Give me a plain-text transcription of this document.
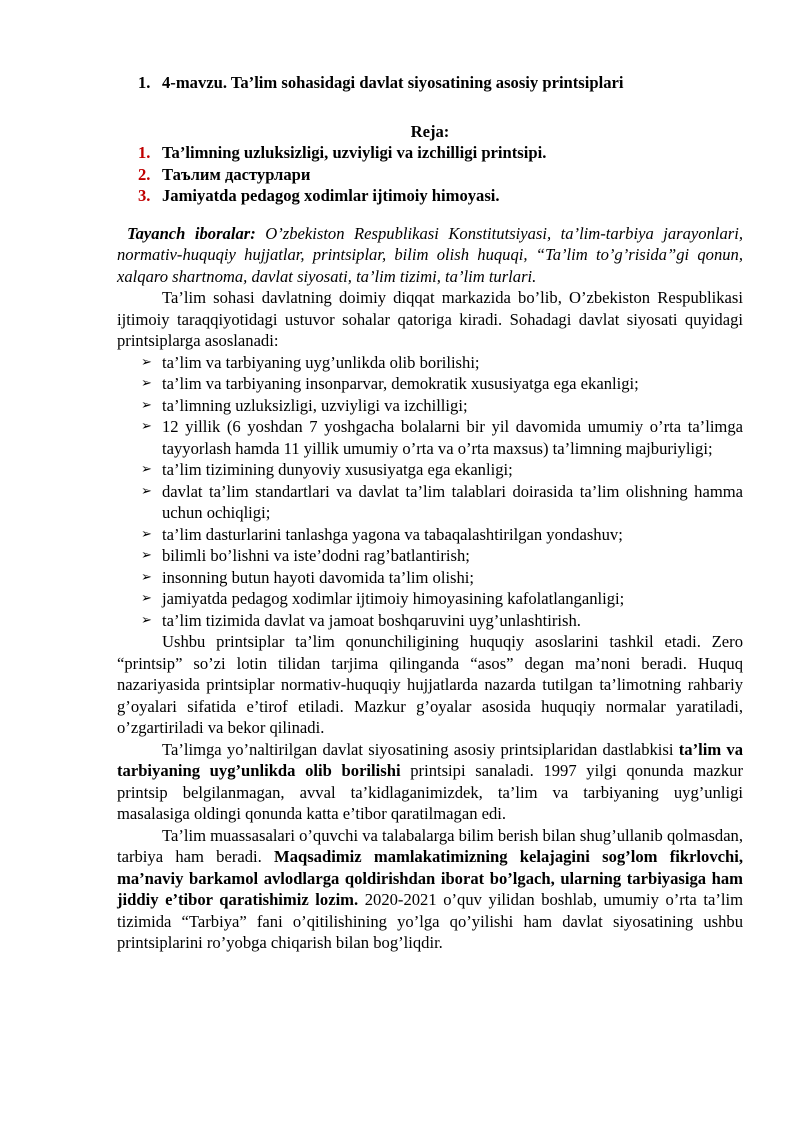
1. 4-mavzu. Ta’lim sohasidagi davlat siyosatining asosiy printsiplari
Reja:
1. Ta’limning uzluksizligi, uzviyligi va izchilligi printsipi.
2. Таълим дастурлари
3. Jamiyatda pedagog xodimlar ijtimoiy himoyasi.
Tayanch iboralar: O’zbekiston Respublikasi Konstitutsiyasi, ta’lim-tarbiya jarayonlari, normativ-huquqiy hujjatlar, printsiplar, bilim olish huquqi, “Ta’lim to’g’risida”gi qonun, xalqaro shartnoma, davlat siyosati, ta’lim tizimi, ta’lim turlari.
Ta’lim sohasi davlatning doimiy diqqat markazida bo’lib, O’zbekiston Respublikasi ijtimoiy taraqqiyotidagi ustuvor sohalar qatoriga kiradi. Sohadagi davlat siyosati quyidagi printsiplarga asoslanadi:
➢ ta’lim va tarbiyaning uyg’unlikda olib borilishi;
➢ ta’lim va tarbiyaning insonparvar, demokratik xususiyatga ega ekanligi;
➢ ta’limning uzluksizligi, uzviyligi va izchilligi;
➢ 12 yillik (6 yoshdan 7 yoshgacha bolalarni bir yil davomida umumiy o’rta ta’limga tayyorlash hamda 11 yillik umumiy o’rta va o’rta maxsus) ta’limning majburiyligi;
➢ ta’lim tizimining dunyoviy xususiyatga ega ekanligi;
➢ davlat ta’lim standartlari va davlat ta’lim talablari doirasida ta’lim olishning hamma uchun ochiqligi;
➢ ta’lim dasturlarini tanlashga yagona va tabaqalashtirilgan yondashuv;
➢ bilimli bo’lishni va iste’dodni rag’batlantirish;
➢ insonning butun hayoti davomida ta’lim olishi;
➢ jamiyatda pedagog xodimlar ijtimoiy himoyasining kafolatlanganligi;
➢ ta’lim tizimida davlat va jamoat boshqaruvini uyg’unlashtirish.
Ushbu printsiplar ta’lim qonunchiligining huquqiy asoslarini tashkil etadi. Zero “printsip” so’zi lotin tilidan tarjima qilinganda “asos” degan ma’noni beradi. Huquq nazariyasida printsiplar normativ-huquqiy hujjatlarda nazarda tutilgan ta’limotning rahbariy g’oyalari sifatida e’tirof etiladi. Mazkur g’oyalar asosida huquqiy normalar yaratiladi, o’zgartiriladi va bekor qilinadi.
Ta’limga yo’naltirilgan davlat siyosatining asosiy printsiplaridan dastlabkisi ta’lim va tarbiyaning uyg’unlikda olib borilishi printsipi sanaladi. 1997 yilgi qonunda mazkur printsip belgilanmagan, avval ta’kidlaganimizdek, ta’lim va tarbiyaning uyg’unligi masalasiga oldingi qonunda katta e’tibor qaratilmagan edi.
Ta’lim muassasalari o’quvchi va talabalarga bilim berish bilan shug’ullanib qolmasdan, tarbiya ham beradi. Maqsadimiz mamlakatimizning kelajagini sog’lom fikrlovchi, ma’naviy barkamol avlodlarga qoldirishdan iborat bo’lgach, ularning tarbiyasiga ham jiddiy e’tibor qaratishimiz lozim. 2020-2021 o’quv yilidan boshlab, umumiy o’rta ta’lim tizimida “Tarbiya” fani o’qitilishining yo’lga qo’yilishi ham davlat siyosatining ushbu printsiplarini ro’yobga chiqarish bilan bog’liqdir.
